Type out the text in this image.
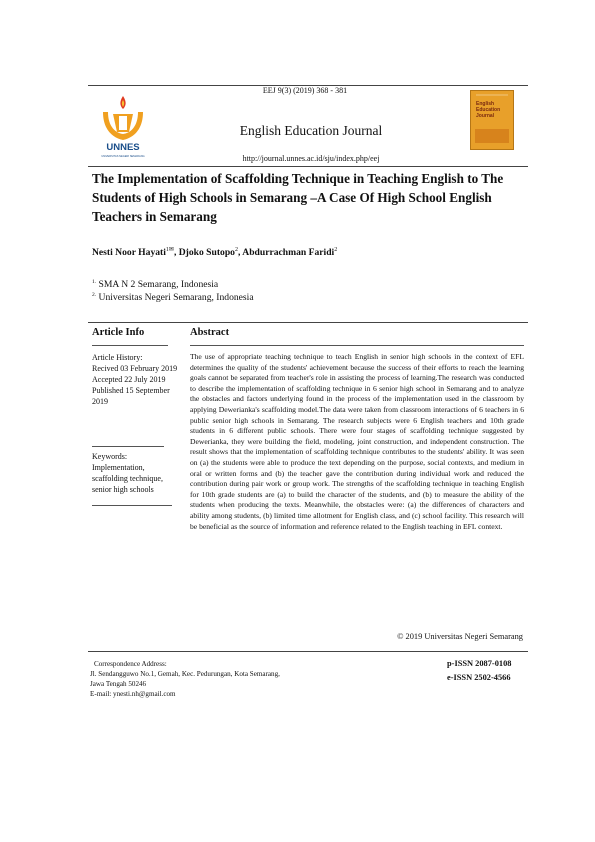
UNNES
UNIVERSITAS NEGERI SEMARANG
EEJ 9(3) (2019) 368 - 381
English Education Journal
English Education Journal
http://journal.unnes.ac.id/sju/index.php/eej
The Implementation of Scaffolding Technique in Teaching English to The Students of High Schools in Semarang –A Case Of High School English Teachers in Semarang
Nesti Noor Hayati$^{1✉}$, Djoko Sutopo$^2$, Abdurrachman Faridi$^2$
$^{1.}$ SMA N 2 Semarang, Indonesia
$^{2.}$ Universitas Negeri Semarang, Indonesia
Article Info
Article History:
Recived 03 February 2019
Accepted 22 July 2019
Published 15 September 2019
Keywords:
Implementation, scaffolding technique, senior high schools
Abstract

The use of appropriate teaching technique to teach English in senior high schools in the context of EFL determines the quality of the students' achievement because the success of their efforts to reach the learning goals cannot be separated from teacher's role in assisting the process of learning.The research was conducted to describe the implementation of scaffolding technique in 6 senior high school in Semarang and to analyze the obstacles and factors underlying found in the process of the implementation used in the classroom by applying Dewerianka's scaffolding model.The data were taken from classroom interactions of 6 teachers in 6 public senior high schools in Semarang. The research subjects were 6 English teachers and 10th grade students in 6 different public schools. There were four stages of scaffolding technique suggested by Dewerianka, they were building the field, modeling, joint construction, and independent construction. The result shows that the implementation of scaffolding technique contributes to the students' ability. It was seen on (a) the students were able to produce the text depending on the purpose, social contexts, and medium in oral or written forms and (b) the teacher gave the contribution during individual work and reduced the contribution during pair work or group work. The strengths of the scaffolding technique in teaching English for 10th grade students are (a) to build the character of the students, and (b) to measure the ability of the students when producing the texts. Meanwhile, the obstacles were: (a) the differences of characters and ability among students, (b) limited time allotment for English class, and (c) school facility. This research will be beneficial as the source of information and reference related to the English teaching in EFL context.

© 2019 Universitas Negeri Semarang
Correspondence Address:
Jl. Sendangguwo No.1, Gemah, Kec. Pedurungan, Kota Semarang,
Jawa Tengah 50246
E-mail: ynesti.nh@gmail.com
p-ISSN 2087-0108
e-ISSN 2502-4566
